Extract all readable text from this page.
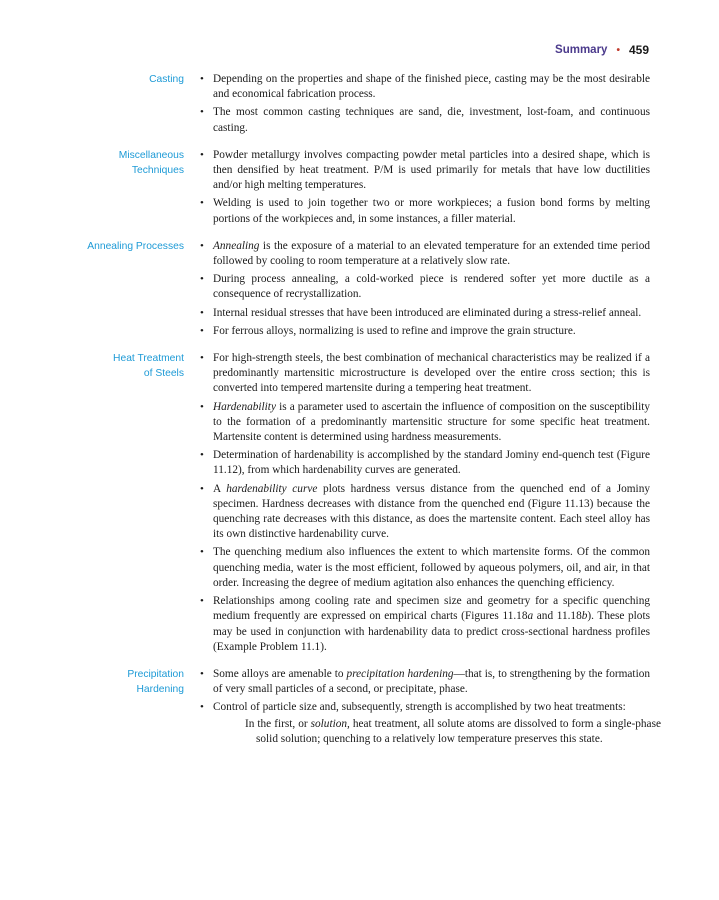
Summary • 459
Casting	• Depending on the properties and shape of the finished piece, casting may be the most desirable and economical fabrication process.
• The most common casting techniques are sand, die, investment, lost-foam, and continuous casting.
Miscellaneous
Techniques
• Powder metallurgy involves compacting powder metal particles into a desired shape, which is then densified by heat treatment. P/M is used primarily for metals that have low ductilities and/or high melting temperatures.
• Welding is used to join together two or more workpieces; a fusion bond forms by melting portions of the workpieces and, in some instances, a filler material.
Annealing Processes	• Annealing is the exposure of a material to an elevated temperature for an extended time period followed by cooling to room temperature at a relatively slow rate.
• During process annealing, a cold-worked piece is rendered softer yet more ductile as a consequence of recrystallization.
• Internal residual stresses that have been introduced are eliminated during a stress-relief anneal.
• For ferrous alloys, normalizing is used to refine and improve the grain structure.
Heat Treatment
of Steels
• For high-strength steels, the best combination of mechanical characteristics may be realized if a predominantly martensitic microstructure is developed over the entire cross section; this is converted into tempered martensite during a tempering heat treatment.
• Hardenability is a parameter used to ascertain the influence of composition on the susceptibility to the formation of a predominantly martensitic structure for some specific heat treatment. Martensite content is determined using hardness measurements.
• Determination of hardenability is accomplished by the standard Jominy end-quench test (Figure 11.12), from which hardenability curves are generated.
• A hardenability curve plots hardness versus distance from the quenched end of a Jominy specimen. Hardness decreases with distance from the quenched end (Figure 11.13) because the quenching rate decreases with this distance, as does the martensite content. Each steel alloy has its own distinctive hardenability curve.
• The quenching medium also influences the extent to which martensite forms. Of the common quenching media, water is the most efficient, followed by aqueous polymers, oil, and air, in that order. Increasing the degree of medium agitation also enhances the quenching efficiency.
• Relationships among cooling rate and specimen size and geometry for a specific quenching medium frequently are expressed on empirical charts (Figures 11.18a and 11.18b). These plots may be used in conjunction with hardenability data to predict cross-sectional hardness profiles (Example Problem 11.1).
Precipitation
Hardening
• Some alloys are amenable to precipitation hardening—that is, to strengthening by the formation of very small particles of a second, or precipitate, phase.
• Control of particle size and, subsequently, strength is accomplished by two heat treatments:
In the first, or solution, heat treatment, all solute atoms are dissolved to form a single-phase solid solution; quenching to a relatively low temperature preserves this state.
